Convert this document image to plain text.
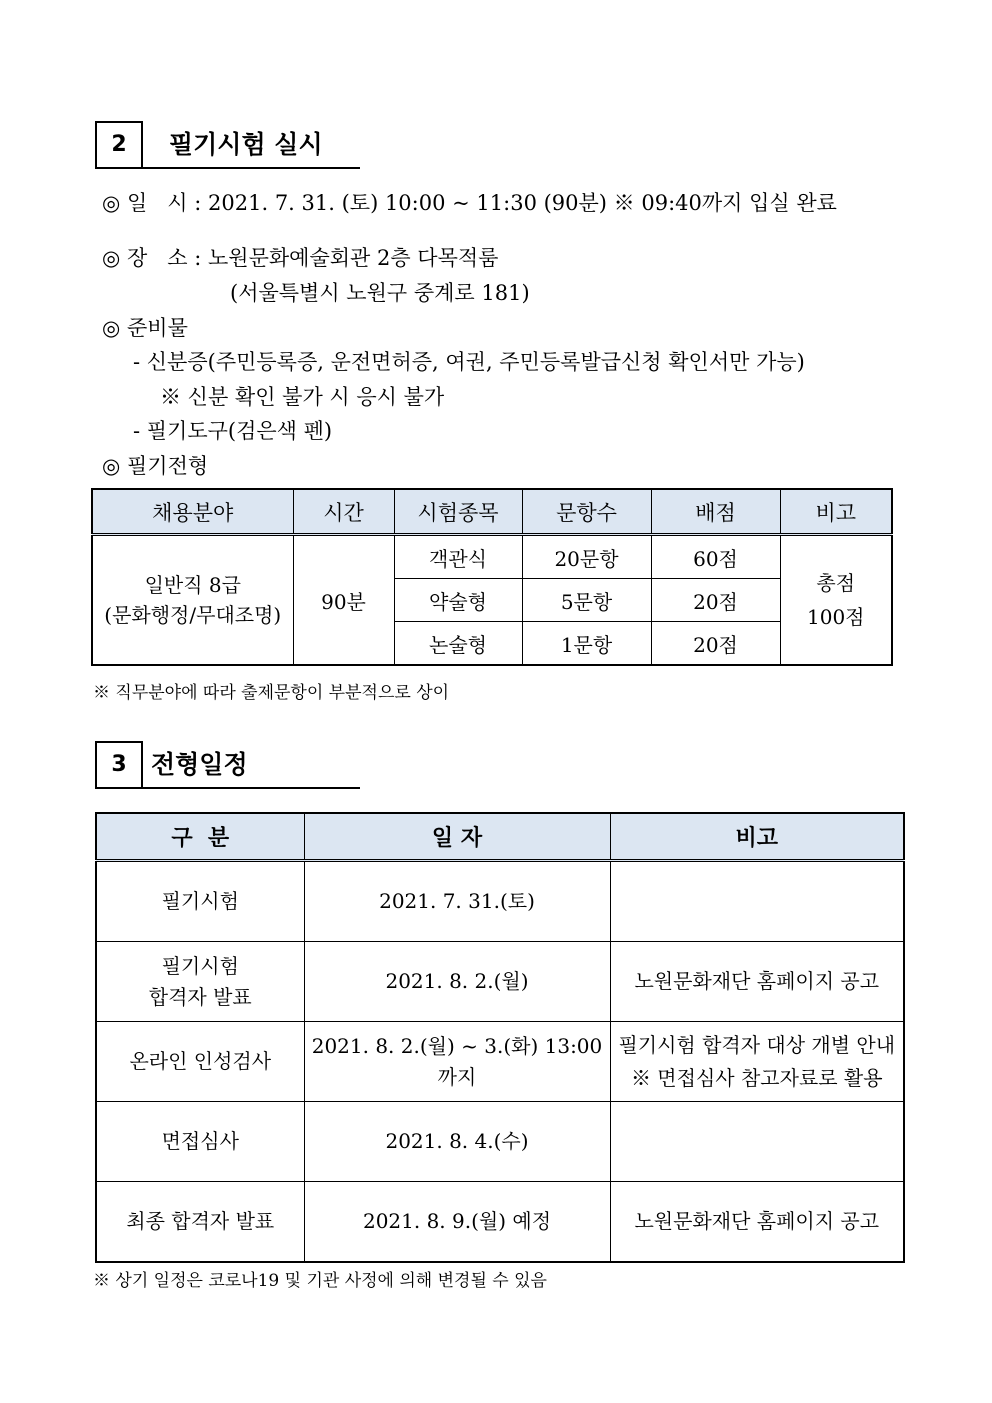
2	필기시험 실시
◎ 일   시 : 2021. 7. 31. (토) 10:00 ~ 11:30 (90분) ※ 09:40까지 입실 완료
◎ 장   소 : 노원문화예술회관 2층 다목적룸
(서울특별시 노원구 중계로 181)
◎ 준비물
- 신분증(주민등록증, 운전면허증, 여권, 주민등록발급신청 확인서만 가능)
※ 신분 확인 불가 시 응시 불가
- 필기도구(검은색 펜)
◎ 필기전형
채용분야	시간	시험종목	문항수	배점	비고

일반직 8급
(문화행정/무대조명)	90분	객관식	20문항	60점	총점
100점

		약술형	5문항	20점	
		논술형	1문항	20점	
※ 직무분야에 따라 출제문항이 부분적으로 상이
3 전형일정
구  분	일 자	비고

필기시험	2021. 7. 31.(토)	

필기시험
합격자 발표	2021. 8. 2.(월)	노원문화재단 홈페이지 공고

온라인 인성검사	2021. 8. 2.(월) ~ 3.(화) 13:00까지	필기시험 합격자 대상 개별 안내
※ 면접심사 참고자료로 활용

면접심사	2021. 8. 4.(수)	

최종 합격자 발표	2021. 8. 9.(월) 예정	노원문화재단 홈페이지 공고
※ 상기 일정은 코로나19 및 기관 사정에 의해 변경될 수 있음
